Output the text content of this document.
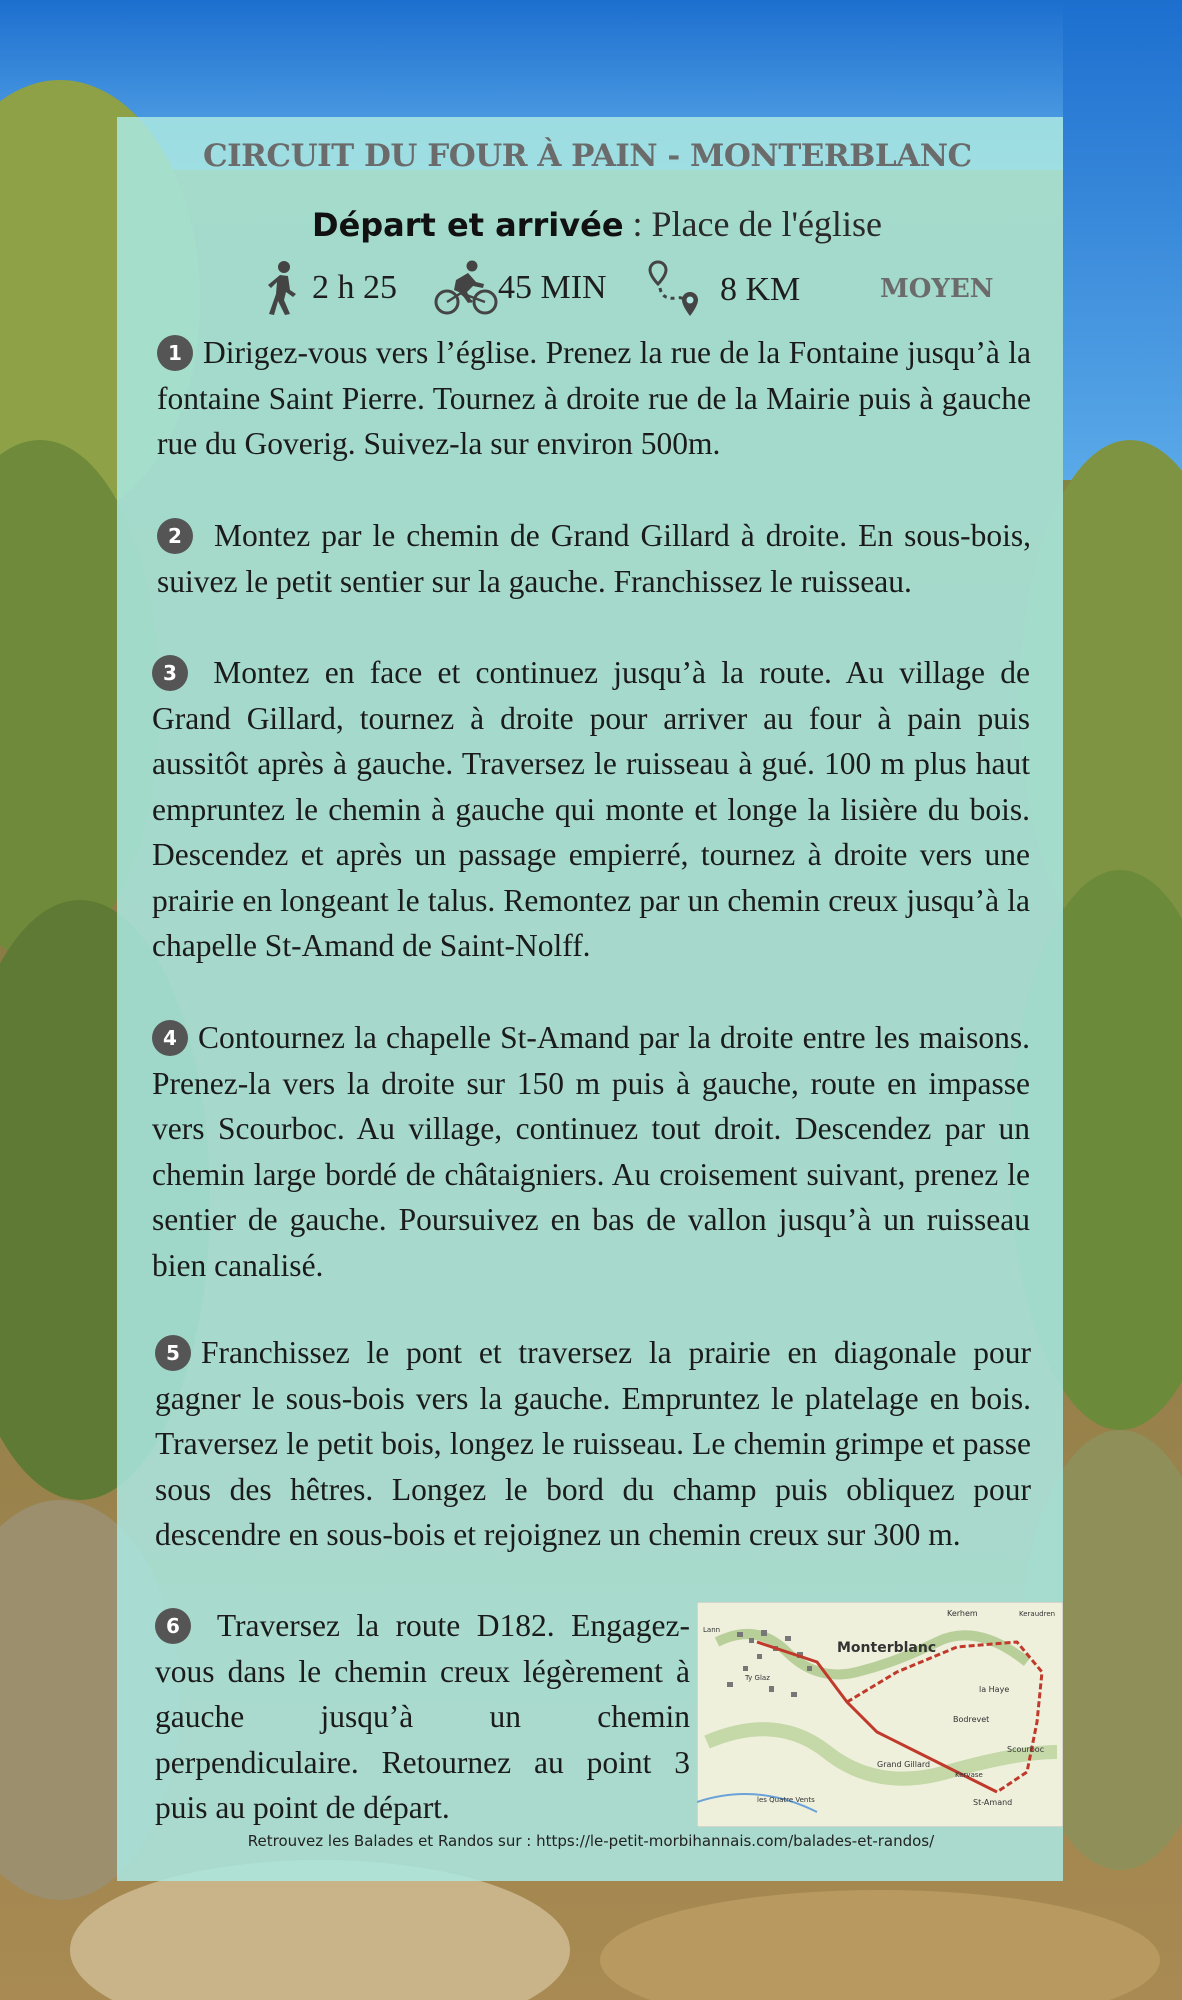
CIRCUIT DU FOUR À PAIN - MONTERBLANC
Départ et arrivée : Place de l'église
2 h 25	45 MIN	8 KM	MOYEN

1 Dirigez-vous vers l’église. Prenez la rue de la Fontaine jusqu’à la fontaine Saint Pierre. Tournez à droite rue de la Mairie puis à gauche rue du Goverig. Suivez-la sur environ 500m.

2 Montez par le chemin de Grand Gillard à droite. En sous-bois, suivez le petit sentier sur la gauche. Franchissez le ruisseau.

3 Montez en face et continuez jusqu’à la route. Au village de Grand Gillard, tournez à droite pour arriver au four à pain puis aussitôt après à gauche. Traversez le ruisseau à gué. 100 m plus haut empruntez le chemin à gauche qui monte et longe la lisière du bois. Descendez et après un passage empierré, tournez à droite vers une prairie en longeant le talus. Remontez par un chemin creux jusqu’à la chapelle St-Amand de Saint-Nolff.

4 Contournez la chapelle St-Amand par la droite entre les maisons. Prenez-la vers la droite sur 150 m puis à gauche, route en impasse vers Scourboc. Au village, continuez tout droit. Descendez par un chemin large bordé de châtaigniers. Au croisement suivant, prenez le sentier de gauche. Poursuivez en bas de vallon jusqu’à un ruisseau bien canalisé.

5 Franchissez le pont et traversez la prairie en diagonale pour gagner le sous-bois vers la gauche. Empruntez le platelage en bois. Traversez le petit bois, longez le ruisseau. Le chemin grimpe et passe sous des hêtres. Longez le bord du champ puis obliquez pour descendre en sous-bois et rejoignez un chemin creux sur 300 m.

6 Traversez la route D182. Engagez-vous dans le chemin creux légèrement à gauche jusqu’à un chemin perpendiculaire. Retournez au point 3 puis au point de départ.

Monterblanc
Kerhem	Keraudren
la Haye
Bodrevet
Scourboc
Grand Gillard
Kervase
St-Amand
les Quatre Vents
Ty Glaz
Lann
Retrouvez les Balades et Randos sur : https://le-petit-morbihannais.com/balades-et-randos/
